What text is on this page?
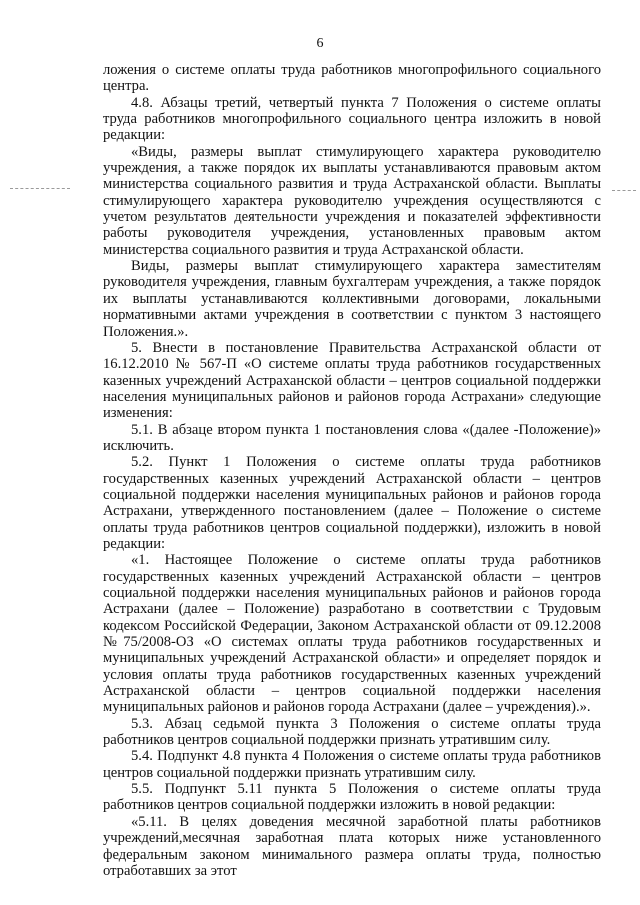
6

ложения о системе оплаты труда работников многопрофильного социального центра.

4.8. Абзацы третий, четвертый пункта 7 Положения о системе оплаты труда работников многопрофильного социального центра изложить в новой редакции:

«Виды, размеры выплат стимулирующего характера руководителю учреждения, а также порядок их выплаты устанавливаются правовым актом министерства социального развития и труда Астраханской области. Выплаты стимулирующего характера руководителю учреждения осуществляются с учетом результатов деятельности учреждения и показателей эффективности работы руководителя учреждения, установленных правовым актом министерства социального развития и труда Астраханской области.

Виды, размеры выплат стимулирующего характера заместителям руководителя учреждения, главным бухгалтерам учреждения, а также порядок их выплаты устанавливаются коллективными договорами, локальными нормативными актами учреждения в соответствии с пунктом 3 настоящего Положения.».

5. Внести в постановление Правительства Астраханской области от 16.12.2010 № 567-П «О системе оплаты труда работников государственных казенных учреждений Астраханской области – центров социальной поддержки населения муниципальных районов и районов города Астрахани» следующие изменения:

5.1. В абзаце втором пункта 1 постановления слова «(далее -Положение)» исключить.

5.2. Пункт 1 Положения о системе оплаты труда работников государственных казенных учреждений Астраханской области – центров социальной поддержки населения муниципальных районов и районов города Астрахани, утвержденного постановлением (далее – Положение о системе оплаты труда работников центров социальной поддержки), изложить в новой редакции:

«1. Настоящее Положение о системе оплаты труда работников государственных казенных учреждений Астраханской области – центров социальной поддержки населения муниципальных районов и районов города Астрахани (далее – Положение) разработано в соответствии с Трудовым кодексом Российской Федерации, Законом Астраханской области от 09.12.2008 №75/2008-ОЗ «О системах оплаты труда работников государственных и муниципальных учреждений Астраханской области» и определяет порядок и условия оплаты труда работников государственных казенных учреждений Астраханской области – центров социальной поддержки населения муниципальных районов и районов города Астрахани (далее – учреждения).».

5.3. Абзац седьмой пункта 3 Положения о системе оплаты труда работников центров социальной поддержки признать утратившим силу.

5.4. Подпункт 4.8 пункта 4 Положения о системе оплаты труда работников центров социальной поддержки признать утратившим силу.

5.5. Подпункт 5.11 пункта 5 Положения о системе оплаты труда работников центров социальной поддержки изложить в новой редакции:

«5.11. В целях доведения месячной заработной платы работников учреждений,месячная заработная плата которых ниже установленного федеральным законом минимального размера оплаты труда, полностью отработавших за этот
